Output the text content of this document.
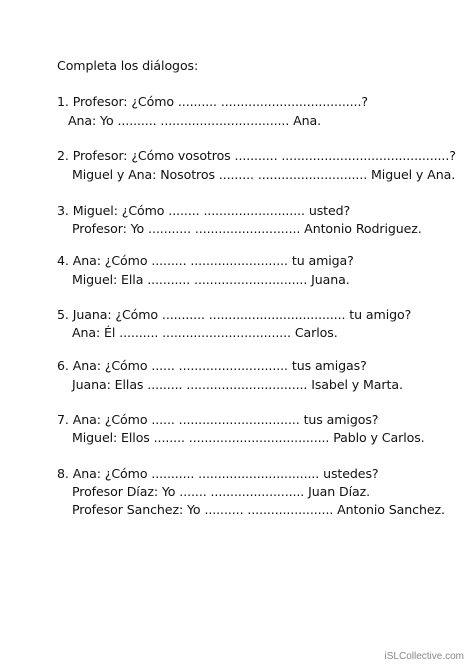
Completa los diálogos:
1. Profesor: ¿Cómo .......... ....................................?
Ana: Yo .......... ................................. Ana.
2. Profesor: ¿Cómo vosotros ........... ...........................................?
Miguel y Ana: Nosotros ......... ............................ Miguel y Ana.
3. Miguel: ¿Cómo ........ .......................... usted?
Profesor: Yo ........... ........................... Antonio Rodriguez.
4. Ana: ¿Cómo ......... ......................... tu amiga?
Miguel: Ella ........... ............................. Juana.
5. Juana: ¿Cómo ........... ................................... tu amigo?
Ana: Él .......... ................................. Carlos.
6. Ana: ¿Cómo ...... ............................ tus amigas?
Juana: Ellas ......... ............................... Isabel y Marta.
7. Ana: ¿Cómo ...... ............................... tus amigos?
Miguel: Ellos ........ .................................... Pablo y Carlos.
8. Ana: ¿Cómo ........... ............................... ustedes?
Profesor Díaz: Yo ....... ........................ Juan Díaz.
Profesor Sanchez: Yo .......... ...................... Antonio Sanchez.
iSLCollective.com
